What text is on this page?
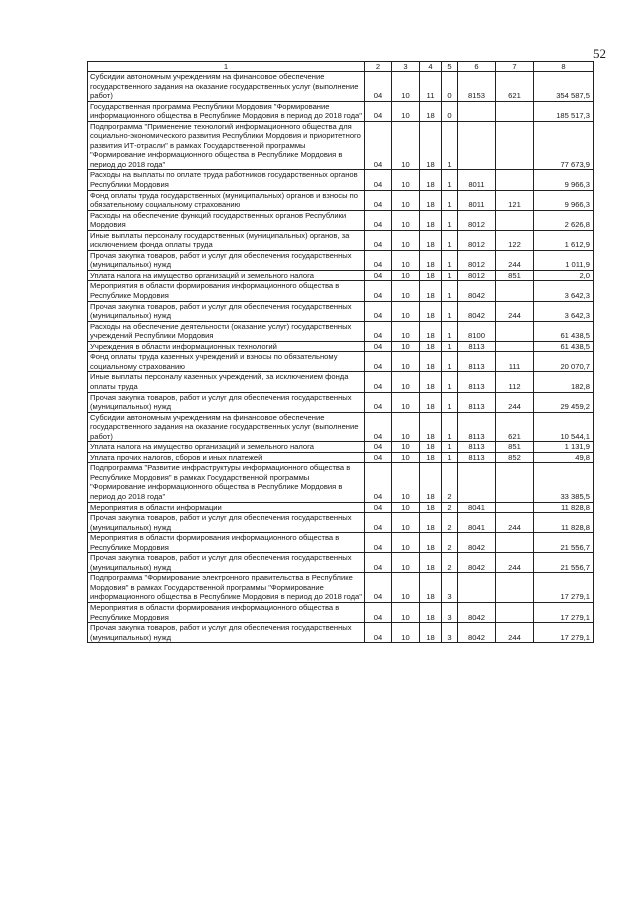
52
1	2	3	4	5	6	7	8
Субсидии автономным учреждениям на финансовое обеспечение государственного задания на оказание государственных услуг (выполнение работ)	04	10	11	0	8153	621	354 587,5
Государственная программа Республики Мордовия "Формирование информационного общества в Республике Мордовия в период до 2018 года"	04	10	18	0			185 517,3
Подпрограмма "Применение технологий информационного общества для социально-экономического развития Республики Мордовия и приоритетного развития ИТ-отрасли" в рамках Государственной программы "Формирование информационного общества в Республике Мордовия в период до 2018 года"	04	10	18	1			77 673,9
Расходы на выплаты по оплате труда работников государственных органов Республики Мордовия	04	10	18	1	8011		9 966,3
Фонд оплаты труда государственных (муниципальных) органов и взносы по обязательному социальному страхованию	04	10	18	1	8011	121	9 966,3
Расходы на обеспечение функций государственных органов Республики Мордовия	04	10	18	1	8012		2 626,8
Иные выплаты персоналу государственных (муниципальных) органов, за исключением фонда оплаты труда	04	10	18	1	8012	122	1 612,9
Прочая закупка товаров, работ и услуг для обеспечения государственных (муниципальных) нужд	04	10	18	1	8012	244	1 011,9
Уплата налога на имущество организаций и земельного налога	04	10	18	1	8012	851	2,0
Мероприятия в области формирования информационного общества в Республике Мордовия	04	10	18	1	8042		3 642,3
Прочая закупка товаров, работ и услуг для обеспечения государственных (муниципальных) нужд	04	10	18	1	8042	244	3 642,3
Расходы на обеспечение деятельности (оказание услуг) государственных учреждений Республики Мордовия	04	10	18	1	8100		61 438,5
Учреждения в области информационных технологий	04	10	18	1	8113		61 438,5
Фонд оплаты труда казенных учреждений и взносы по обязательному социальному страхованию	04	10	18	1	8113	111	20 070,7
Иные выплаты персоналу казенных учреждений, за исключением фонда оплаты труда	04	10	18	1	8113	112	182,8
Прочая закупка товаров, работ и услуг для обеспечения государственных (муниципальных) нужд	04	10	18	1	8113	244	29 459,2
Субсидии автономным учреждениям на финансовое обеспечение государственного задания на оказание государственных услуг (выполнение работ)	04	10	18	1	8113	621	10 544,1
Уплата налога на имущество организаций и земельного налога	04	10	18	1	8113	851	1 131,9
Уплата прочих налогов, сборов и иных платежей	04	10	18	1	8113	852	49,8
Подпрограмма "Развитие инфраструктуры информационного общества в Республике Мордовия" в рамках Государственной программы "Формирование информационного общества в Республике Мордовия в период до 2018 года"	04	10	18	2			33 385,5
Мероприятия в области информации	04	10	18	2	8041		11 828,8
Прочая закупка товаров, работ и услуг для обеспечения государственных (муниципальных) нужд	04	10	18	2	8041	244	11 828,8
Мероприятия в области формирования информационного общества в Республике Мордовия	04	10	18	2	8042		21 556,7
Прочая закупка товаров, работ и услуг для обеспечения государственных (муниципальных) нужд	04	10	18	2	8042	244	21 556,7
Подпрограмма "Формирование электронного правительства в Республике Мордовия" в рамках Государственной программы "Формирование информационного общества в Республике Мордовия в период до 2018 года"	04	10	18	3			17 279,1
Мероприятия в области формирования информационного общества в Республике Мордовия	04	10	18	3	8042		17 279,1
Прочая закупка товаров, работ и услуг для обеспечения государственных (муниципальных) нужд	04	10	18	3	8042	244	17 279,1
